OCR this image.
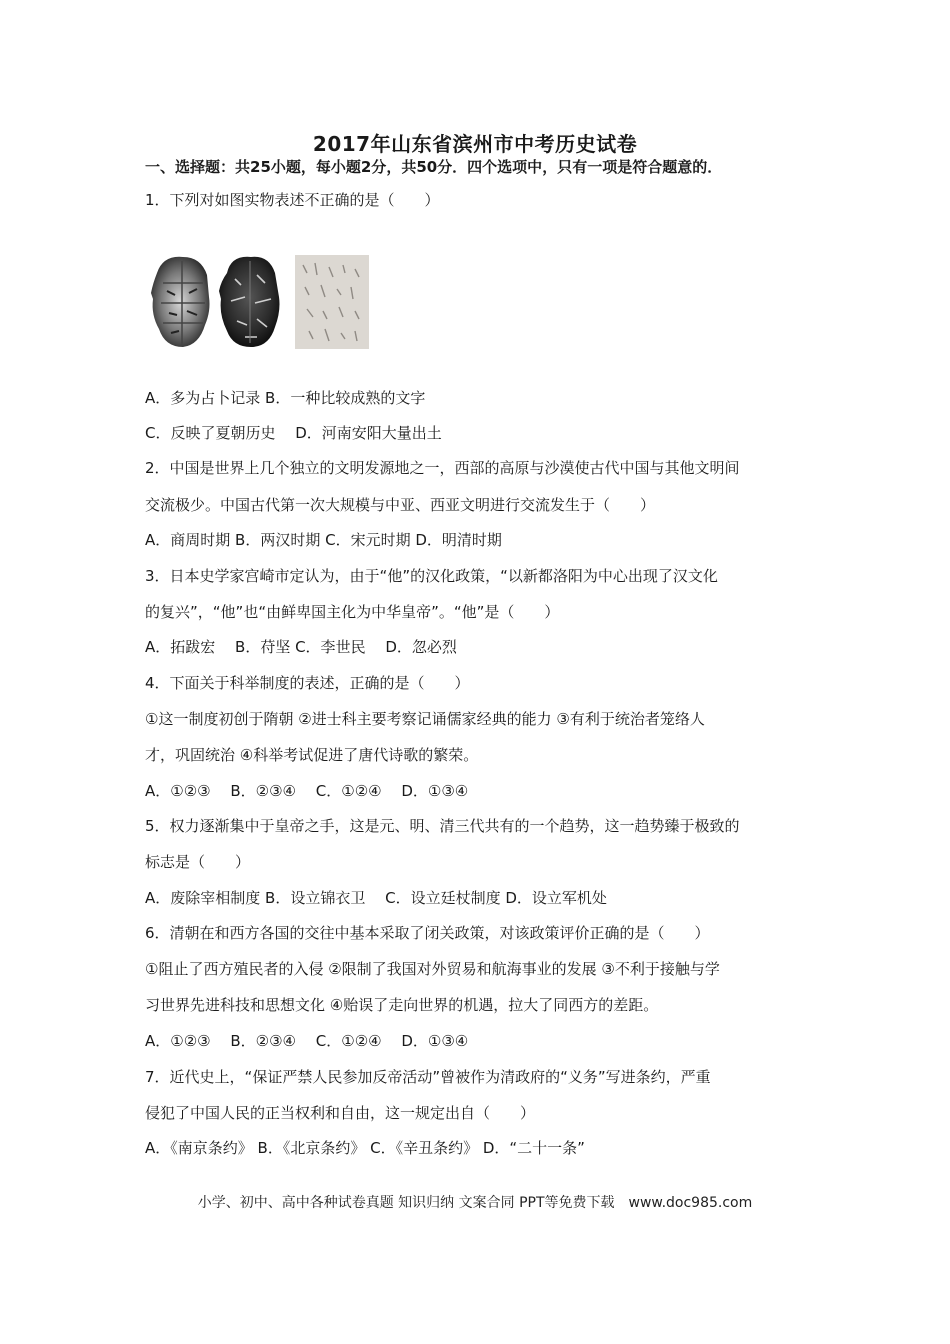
2017年山东省滨州市中考历史试卷
一、选择题：共25小题，每小题2分，共50分．四个选项中，只有一项是符合题意的．
1．下列对如图实物表述不正确的是（　　）
A．多为占卜记录 B．一种比较成熟的文字
C．反映了夏朝历史　 D．河南安阳大量出土
2．中国是世界上几个独立的文明发源地之一，西部的高原与沙漠使古代中国与其他文明间
交流极少。中国古代第一次大规模与中亚、西亚文明进行交流发生于（　　）
A．商周时期 B．两汉时期 C．宋元时期 D．明清时期
3．日本史学家宫崎市定认为，由于“他”的汉化政策，“以新都洛阳为中心出现了汉文化
的复兴”，“他”也“由鲜卑国主化为中华皇帝”。“他”是（　　）
A．拓跋宏　 B．苻坚 C．李世民　 D．忽必烈
4．下面关于科举制度的表述，正确的是（　　）
①这一制度初创于隋朝 ②进士科主要考察记诵儒家经典的能力 ③有利于统治者笼络人
才，巩固统治 ④科举考试促进了唐代诗歌的繁荣。
A．①②③　 B．②③④　 C．①②④　 D．①③④
5．权力逐渐集中于皇帝之手，这是元、明、清三代共有的一个趋势，这一趋势臻于极致的
标志是（　　）
A．废除宰相制度 B．设立锦衣卫　 C．设立廷杖制度 D．设立军机处
6．清朝在和西方各国的交往中基本采取了闭关政策，对该政策评价正确的是（　　）
①阻止了西方殖民者的入侵 ②限制了我国对外贸易和航海事业的发展 ③不利于接触与学
习世界先进科技和思想文化 ④贻误了走向世界的机遇，拉大了同西方的差距。
A．①②③　 B．②③④　 C．①②④　 D．①③④
7．近代史上，“保证严禁人民参加反帝活动”曾被作为清政府的“义务”写进条约，严重
侵犯了中国人民的正当权利和自由，这一规定出自（　　）
A．《南京条约》 B．《北京条约》 C．《辛丑条约》 D．“二十一条”
小学、初中、高中各种试卷真题 知识归纳 文案合同 PPT等免费下载　www.doc985.com
